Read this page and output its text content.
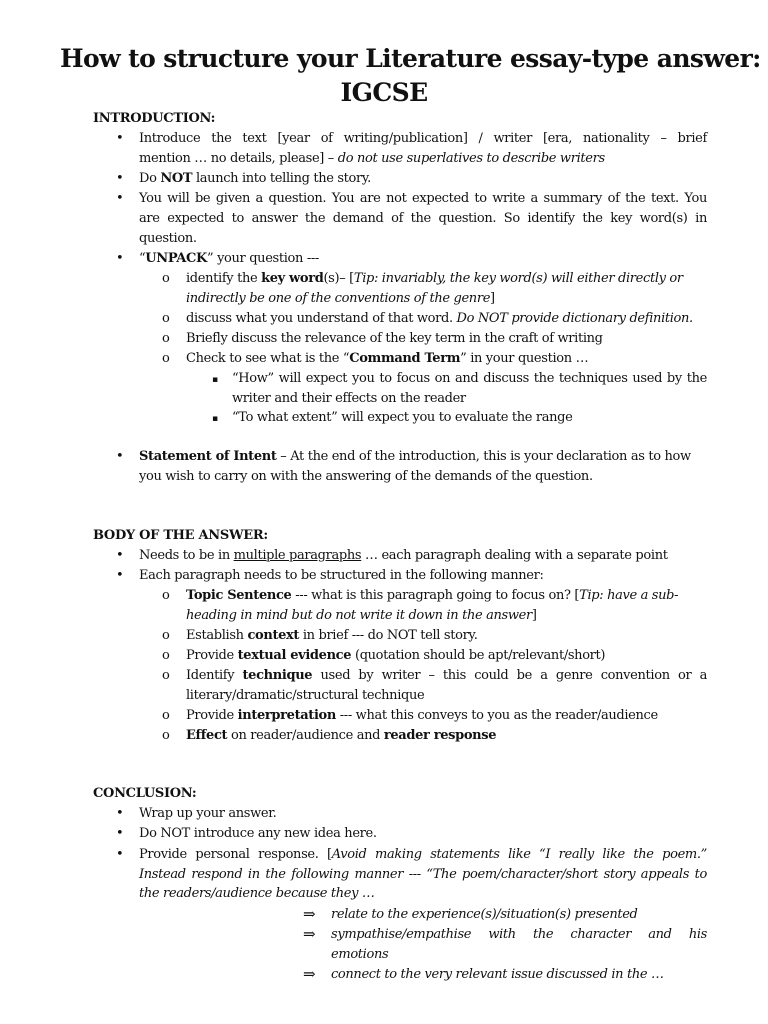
How to structure your Literature essay-type answer:
IGCSE
INTRODUCTION:
• Introduce the text [year of writing/publication] / writer [era, nationality – brief
mention … no details, please] – do not use superlatives to describe writers
• Do NOT launch into telling the story.
• You will be given a question. You are not expected to write a summary of the text. You
are expected to answer the demand of the question. So identify the key word(s) in
question.
• “UNPACK” your question ---
o identify the key word(s)– [Tip: invariably, the key word(s) will either directly or
indirectly be one of the conventions of the genre]
o discuss what you understand of that word. Do NOT provide dictionary definition.
o Briefly discuss the relevance of the key term in the craft of writing
o Check to see what is the “Command Term” in your question …
▪ “How” will expect you to focus on and discuss the techniques used by the
writer and their effects on the reader
▪ “To what extent” will expect you to evaluate the range
• Statement of Intent – At the end of the introduction, this is your declaration as to how
you wish to carry on with the answering of the demands of the question.
BODY OF THE ANSWER:
• Needs to be in multiple paragraphs … each paragraph dealing with a separate point
• Each paragraph needs to be structured in the following manner:
o Topic Sentence --- what is this paragraph going to focus on? [Tip: have a sub-
heading in mind but do not write it down in the answer]
o Establish context in brief --- do NOT tell story.
o Provide textual evidence (quotation should be apt/relevant/short)
o Identify technique used by writer – this could be a genre convention or a
literary/dramatic/structural technique
o Provide interpretation --- what this conveys to you as the reader/audience
o Effect on reader/audience and reader response
CONCLUSION:
• Wrap up your answer.
• Do NOT introduce any new idea here.
• Provide personal response. [Avoid making statements like “I really like the poem.”
Instead respond in the following manner --- “The poem/character/short story appeals to
the readers/audience because they …
⇒ relate to the experience(s)/situation(s) presented
⇒ sympathise/empathise with the character and his
emotions
⇒ connect to the very relevant issue discussed in the …
